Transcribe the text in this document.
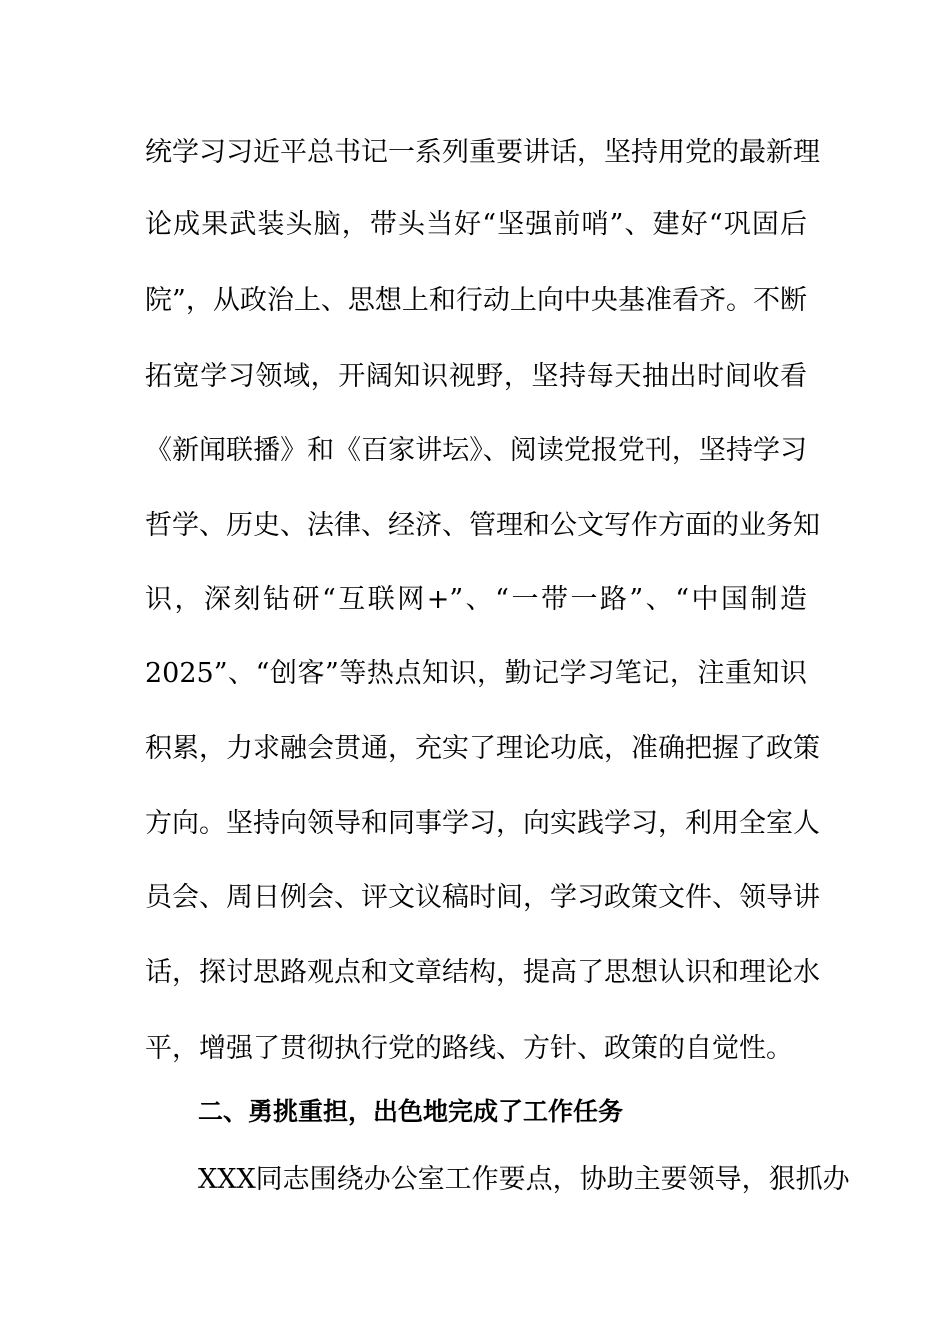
统学习习近平总书记一系列重要讲话，坚持用党的最新理
论成果武装头脑，带头当好“坚强前哨”、建好“巩固后
院”，从政治上、思想上和行动上向中央基准看齐。不断
拓宽学习领域，开阔知识视野，坚持每天抽出时间收看
《新闻联播》和《百家讲坛》、阅读党报党刊，坚持学习
哲学、历史、法律、经济、管理和公文写作方面的业务知
识，深刻钻研“互联网+”、“一带一路”、“中国制造
2025”、“创客”等热点知识，勤记学习笔记，注重知识
积累，力求融会贯通，充实了理论功底，准确把握了政策
方向。坚持向领导和同事学习，向实践学习，利用全室人
员会、周日例会、评文议稿时间，学习政策文件、领导讲
话，探讨思路观点和文章结构，提高了思想认识和理论水
平，增强了贯彻执行党的路线、方针、政策的自觉性。
二、勇挑重担，出色地完成了工作任务
XXX同志围绕办公室工作要点，协助主要领导，狠抓办
